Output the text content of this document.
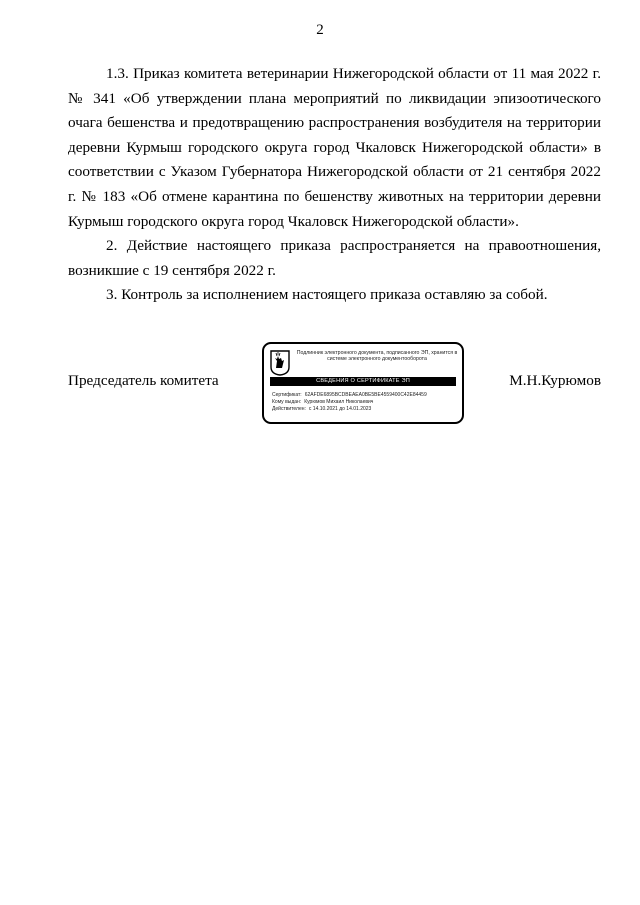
2

1.3. Приказ комитета ветеринарии Нижегородской области от 11 мая 2022 г. № 341 «Об утверждении плана мероприятий по ликвидации эпизоотического очага бешенства и предотвращению распространения возбудителя на территории деревни Курмыш городского округа город Чкаловск Нижегородской области» в соответствии с Указом Губернатора Нижегородской области от 21 сентября 2022 г. № 183 «Об отмене карантина по бешенству животных на территории деревни Курмыш городского округа город Чкаловск Нижегородской области».

2. Действие настоящего приказа распространяется на правоотношения, возникшие с 19 сентября 2022 г.

3. Контроль за исполнением настоящего приказа оставляю за собой.

Председатель комитета
Подлинник электронного документа, подписанного ЭП, хранится в системе электронного документооборота
СВЕДЕНИЯ О СЕРТИФИКАТЕ ЭП
Сертификат: 62AFDE6895BCDBEAEA0BE5BE4559400C42E84459
Кому выдан: Курюмов Михаил Николаевич
Действителен: с 14.10.2021 до 14.01.2023
М.Н.Курюмов
